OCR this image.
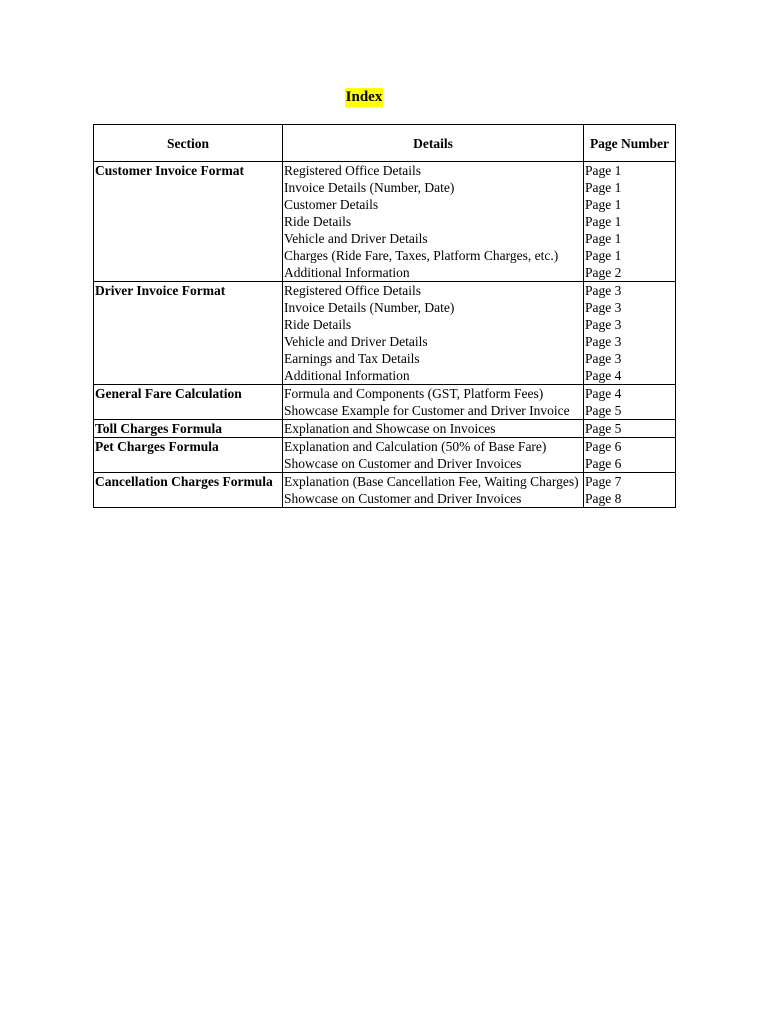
Index
Section	Details	Page Number
Customer Invoice Format	Registered Office Details	Page 1
	Invoice Details (Number, Date)	Page 1
	Customer Details	Page 1
	Ride Details	Page 1
	Vehicle and Driver Details	Page 1
	Charges (Ride Fare, Taxes, Platform Charges, etc.)	Page 1
	Additional Information	Page 2
Driver Invoice Format	Registered Office Details	Page 3
	Invoice Details (Number, Date)	Page 3
	Ride Details	Page 3
	Vehicle and Driver Details	Page 3
	Earnings and Tax Details	Page 3
	Additional Information	Page 4
General Fare Calculation	Formula and Components (GST, Platform Fees)	Page 4
	Showcase Example for Customer and Driver Invoice	Page 5
Toll Charges Formula	Explanation and Showcase on Invoices	Page 5
Pet Charges Formula	Explanation and Calculation (50% of Base Fare)	Page 6
	Showcase on Customer and Driver Invoices	Page 6
Cancellation Charges Formula	Explanation (Base Cancellation Fee, Waiting Charges)	Page 7
	Showcase on Customer and Driver Invoices	Page 8
